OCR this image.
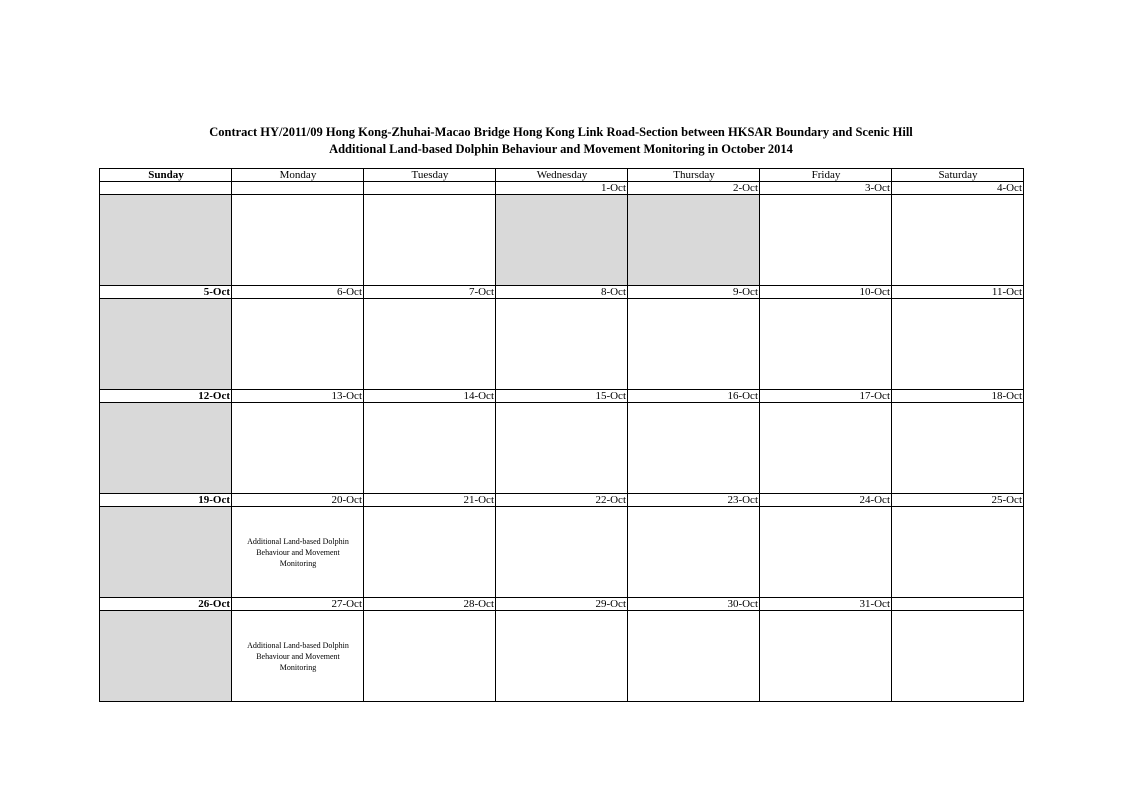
Contract HY/2011/09 Hong Kong-Zhuhai-Macao Bridge Hong Kong Link Road-Section between HKSAR Boundary and Scenic Hill
Additional Land-based Dolphin Behaviour and Movement Monitoring in October 2014
Sunday	Monday	Tuesday	Wednesday	Thursday	Friday	Saturday
			1-Oct	2-Oct	3-Oct	4-Oct

5-Oct	6-Oct	7-Oct	8-Oct	9-Oct	10-Oct	11-Oct

12-Oct	13-Oct	14-Oct	15-Oct	16-Oct	17-Oct	18-Oct

19-Oct	20-Oct	21-Oct	22-Oct	23-Oct	24-Oct	25-Oct
	Additional Land-based Dolphin Behaviour and Movement Monitoring					
26-Oct	27-Oct	28-Oct	29-Oct	30-Oct	31-Oct	
	Additional Land-based Dolphin Behaviour and Movement Monitoring					
